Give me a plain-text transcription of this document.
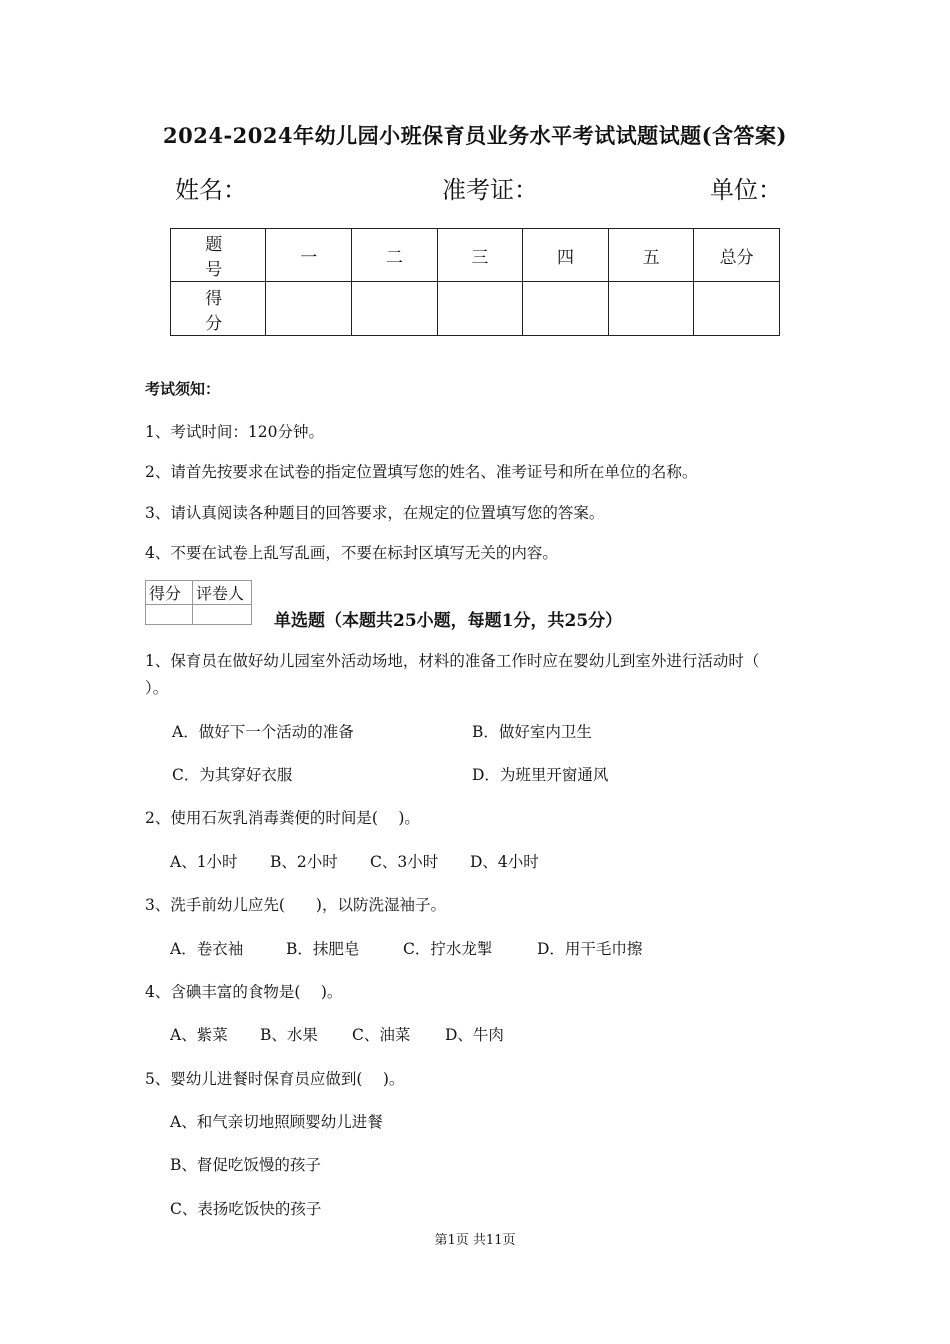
2024-2024年幼儿园小班保育员业务水平考试试题试题(含答案)
姓名：	准考证：	单位：
题 号	一	二	三	四	五	总分
得 分						
考试须知：
1、考试时间：120分钟。
2、请首先按要求在试卷的指定位置填写您的姓名、准考证号和所在单位的名称。
3、请认真阅读各种题目的回答要求，在规定的位置填写您的答案。
4、不要在试卷上乱写乱画，不要在标封区填写无关的内容。
得分	评卷人

单选题（本题共25小题，每题1分，共25分）
1、保育员在做好幼儿园室外活动场地，材料的准备工作时应在婴幼儿到室外进行活动时（
）。
A．做好下一个活动的准备	B．做好室内卫生
C．为其穿好衣服	D．为班里开窗通风
2、使用石灰乳消毒粪便的时间是(　 )。
A、1小时 B、2小时 C、3小时 D、4小时
3、洗手前幼儿应先(　　)，以防洗湿袖子。
A．卷衣袖	B．抹肥皂	C．拧水龙掣	D．用干毛巾擦
4、含碘丰富的食物是(　 )。
A、紫菜 B、水果 C、油菜 D、牛肉
5、婴幼儿进餐时保育员应做到(　 )。
A、和气亲切地照顾婴幼儿进餐
B、督促吃饭慢的孩子
C、表扬吃饭快的孩子
第1页 共11页
